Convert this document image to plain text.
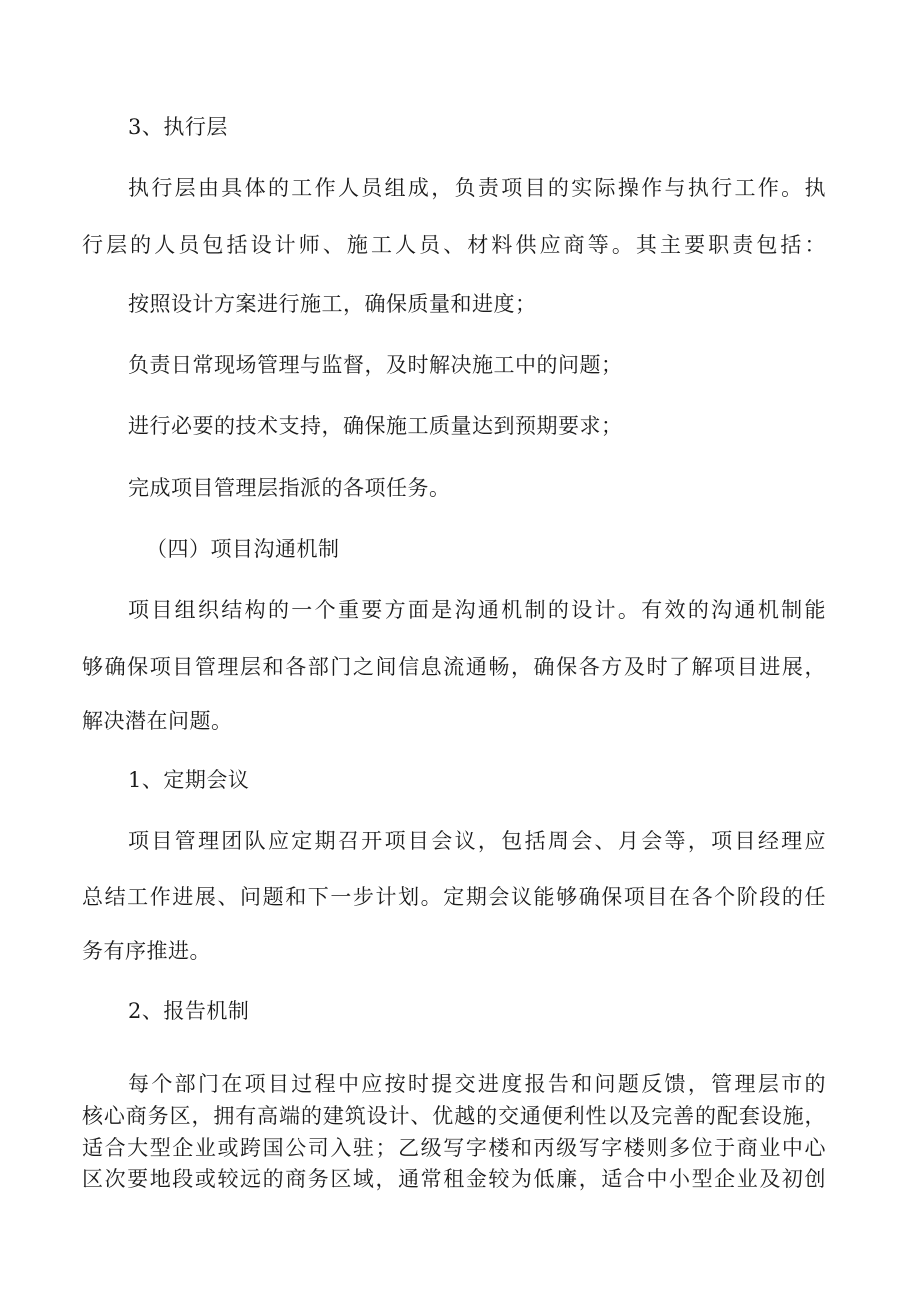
3、执行层
执行层由具体的工作人员组成，负责项目的实际操作与执行工作。执
行层的人员包括设计师、施工人员、材料供应商等。其主要职责包括：
按照设计方案进行施工，确保质量和进度；
负责日常现场管理与监督，及时解决施工中的问题；
进行必要的技术支持，确保施工质量达到预期要求；
完成项目管理层指派的各项任务。
（四）项目沟通机制
项目组织结构的一个重要方面是沟通机制的设计。有效的沟通机制能
够确保项目管理层和各部门之间信息流通畅，确保各方及时了解项目进展，
解决潜在问题。
1、定期会议
项目管理团队应定期召开项目会议，包括周会、月会等，项目经理应
总结工作进展、问题和下一步计划。定期会议能够确保项目在各个阶段的任
务有序推进。
2、报告机制
每个部门在项目过程中应按时提交进度报告和问题反馈，管理层市的
核心商务区，拥有高端的建筑设计、优越的交通便利性以及完善的配套设施，
适合大型企业或跨国公司入驻；乙级写字楼和丙级写字楼则多位于商业中心
区次要地段或较远的商务区域，通常租金较为低廉，适合中小型企业及初创
